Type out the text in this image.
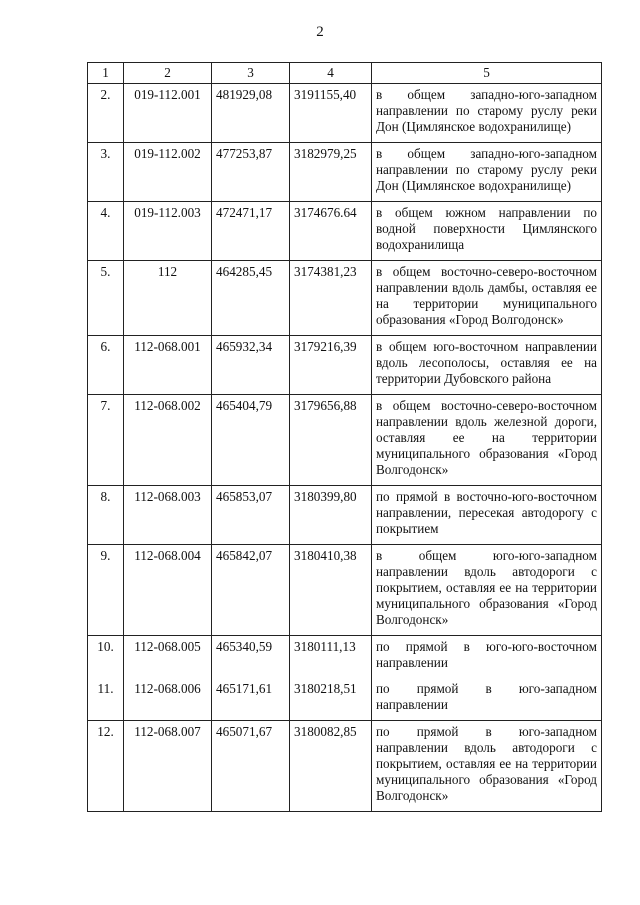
2
1	2	3	4	5
2.	019-112.001	481929,08	3191155,40	в общем западно-юго-западном направлении по старому руслу реки Дон (Цимлянское водохранилище)
3.	019-112.002	477253,87	3182979,25	в общем западно-юго-западном направлении по старому руслу реки Дон (Цимлянское водохранилище)
4.	019-112.003	472471,17	3174676.64	в общем южном направлении по водной поверхности Цимлянского водохранилища
5.	112	464285,45	3174381,23	в общем восточно-северо-восточном направлении вдоль дамбы, оставляя ее на территории муниципального образования «Город Волгодонск»
6.	112-068.001	465932,34	3179216,39	в общем юго-восточном направлении вдоль лесополосы, оставляя ее на территории Дубовского района
7.	112-068.002	465404,79	3179656,88	в общем восточно-северо-восточном направлении вдоль железной дороги, оставляя ее на территории муниципального образования «Город Волгодонск»
8.	112-068.003	465853,07	3180399,80	по прямой в восточно-юго-восточном направлении, пересекая автодорогу с покрытием
9.	112-068.004	465842,07	3180410,38	в общем юго-юго-западном направлении вдоль автодороги с покрытием, оставляя ее на территории муниципального образования «Город Волгодонск»
10.	112-068.005	465340,59	3180111,13	по прямой в юго-юго-восточном направлении
11.	112-068.006	465171,61	3180218,51	по прямой в юго-западном направлении
12.	112-068.007	465071,67	3180082,85	по прямой в юго-западном направлении вдоль автодороги с покрытием, оставляя ее на территории муниципального образования «Город Волгодонск»
